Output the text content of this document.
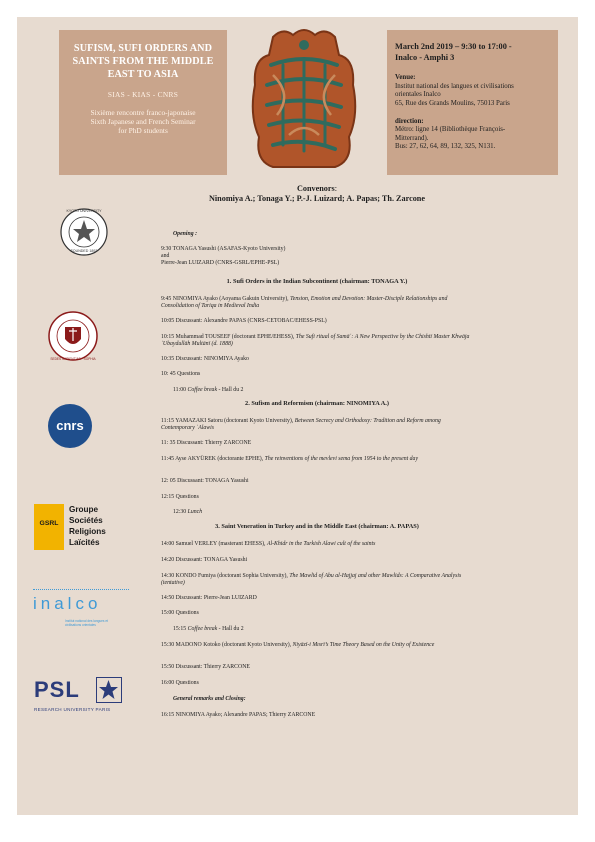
SUFISM, SUFI ORDERS AND
SAINTS FROM THE MIDDLE
EAST TO ASIA
SIAS - KIAS - CNRS
Sixième rencontre franco-japonaise
Sixth Japanese and French Seminar
for PhD students
March 2nd 2019 – 9:30 to 17:00 -
Inalco - Amphi 3
Venue:
Institut national des langues et civilisations
orientales Inalco
65, Rue des Grands Moulins, 75013 Paris
direction:
Métro: ligne 14 (Bibliothèque François-
Mitterrand).
Bus: 27, 62, 64, 89, 132, 325, N131.
Convenors:
Ninomiya A.; Tonaga Y.; P.-J. Luizard; A. Papas; Th. Zarcone
KYOTO UNIVERSITY
FOUNDED 1897
SEDES SAPIENTIAE · SOPHIA
cnrs
GSRL
Groupe
Sociétés
Religions
Laïcités
inalco
Institut national des langues et civilisations orientales
PSL
RESEARCH UNIVERSITY PARIS
Opening :
9:30 TONAGA Yasushi (ASAFAS-Kyoto University)
and
Pierre-Jean LUIZARD (CNRS-GSRL/EPHE-PSL)
1. Sufi Orders in the Indian Subcontinent (chairman: TONAGA Y.)
9:45 NINOMIYA Ayako (Aoyama Gakuin University), Tension, Emotion and Devotion: Master-Disciple Relationships and Consolidation of Tariqa in Medieval India
10:05 Discussant: Alexandre PAPAS (CNRS-CETOBAC/EHESS-PSL)
10:15 Muhammad TOUSEEF (doctorant EPHE/EHESS), The Sufi ritual of Samāʿ: A New Perspective by the Chishtī Master Khwāja ʿUbaydullāh Multānī (d. 1888)
10:35 Discussant: NINOMIYA Ayako
10: 45 Questions
11:00 Coffee break - Hall du 2
2. Sufism and Reformism (chairman: NINOMIYA A.)
11:15 YAMAZAKI Satoru (doctorant Kyoto University), Between Secrecy and Orthodoxy: Tradition and Reform among Contemporary ʿAlawis
11: 35 Discussant: Thierry ZARCONE
11:45 Ayse AKYÜREK (doctorante EPHE), The reinventions of the mevlevi sema from 1954 to the present day
12: 05 Discussant: TONAGA Yasushi
12:15 Questions
12:30 Lunch
3. Saint Veneration in Turkey and in the Middle East (chairman: A. PAPAS)
14:00 Samuel VERLEY (masterant EHESS), Al-Khidr in the Turkish Alawi cult of the saints
14:20 Discussant: TONAGA Yasushi
14:30 KONDO Fumiya (doctorant Sophia University), The Mawlid of Abu al-Hajjaj and other Mawlids: A Comparative Analysis (tentative)
14:50 Discussant: Pierre-Jean LUIZARD
15:00 Questions
15:15 Coffee break - Hall du 2
15:30 MADONO Kotoko (doctorant Kyoto University), Niyāzī-i Mısrī’s Time Theory Based on the Unity of Existence
15:50 Discussant: Thierry ZARCONE
16:00 Questions
General remarks and Closing:
16:15 NINOMIYA Ayako; Alexandre PAPAS; Thierry ZARCONE
